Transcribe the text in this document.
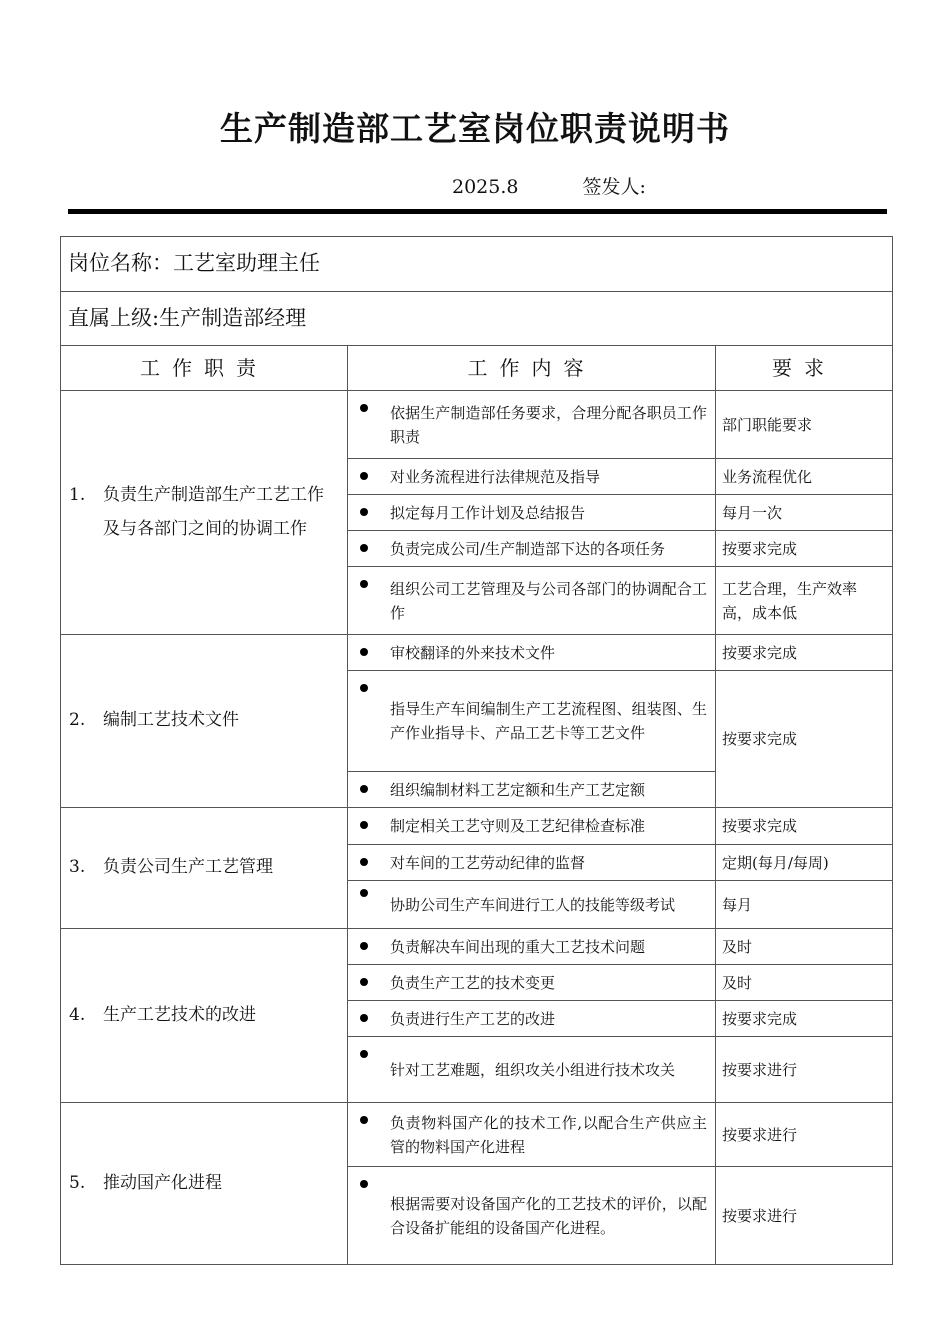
生产制造部工艺室岗位职责说明书
2025.8	签发人:
岗位名称：工艺室助理主任		
直属上级:生产制造部经理		
工作职责	工作内容	要求

1. 负责生产制造部生产工艺工作及与各部门之间的协调工作	依据生产制造部任务要求，合理分配各职员工作职责	部门职能要求

对业务流程进行法律规范及指导	业务流程优化

拟定每月工作计划及总结报告	每月一次

负责完成公司/生产制造部下达的各项任务	按要求完成

组织公司工艺管理及与公司各部门的协调配合工作	工艺合理，生产效率高，成本低

2. 编制工艺技术文件	审校翻译的外来技术文件	按要求完成

指导生产车间编制生产工艺流程图、组装图、生产作业指导卡、产品工艺卡等工艺文件	按要求完成

组织编制材料工艺定额和生产工艺定额	

3. 负责公司生产工艺管理	制定相关工艺守则及工艺纪律检查标准	按要求完成

对车间的工艺劳动纪律的监督	定期(每月/每周)

协助公司生产车间进行工人的技能等级考试	每月

4. 生产工艺技术的改进	负责解决车间出现的重大工艺技术问题	及时

负责生产工艺的技术变更	及时

负责进行生产工艺的改进	按要求完成

针对工艺难题，组织攻关小组进行技术攻关	按要求进行

5. 推动国产化进程	负责物料国产化的技术工作,以配合生产供应主管的物料国产化进程	按要求进行

根据需要对设备国产化的工艺技术的评价，以配合设备扩能组的设备国产化进程。	按要求进行
